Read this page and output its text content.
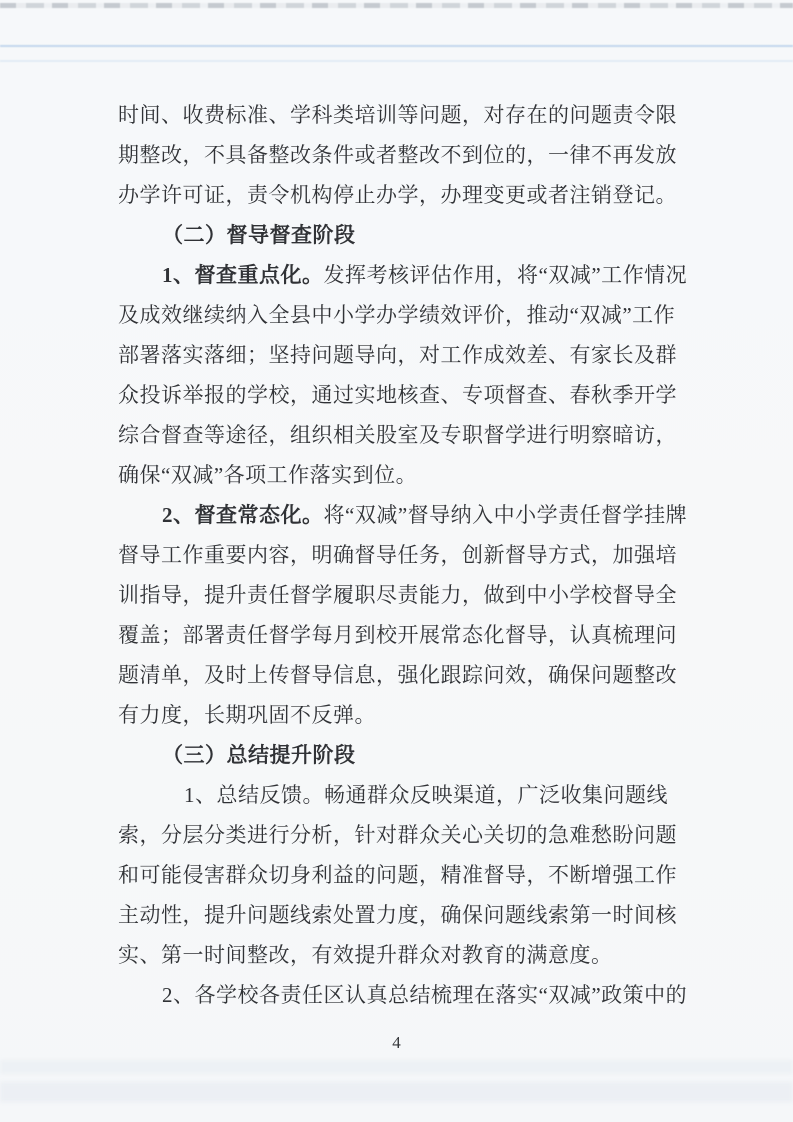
时间、收费标准、学科类培训等问题，对存在的问题责令限
期整改，不具备整改条件或者整改不到位的，一律不再发放
办学许可证，责令机构停止办学，办理变更或者注销登记。
（二）督导督查阶段
1、督查重点化。发挥考核评估作用，将“双减”工作情况
及成效继续纳入全县中小学办学绩效评价，推动“双减”工作
部署落实落细；坚持问题导向，对工作成效差、有家长及群
众投诉举报的学校，通过实地核查、专项督查、春秋季开学
综合督查等途径，组织相关股室及专职督学进行明察暗访，
确保“双减”各项工作落实到位。
2、督查常态化。将“双减”督导纳入中小学责任督学挂牌
督导工作重要内容，明确督导任务，创新督导方式，加强培
训指导，提升责任督学履职尽责能力，做到中小学校督导全
覆盖；部署责任督学每月到校开展常态化督导，认真梳理问
题清单，及时上传督导信息，强化跟踪问效，确保问题整改
有力度，长期巩固不反弹。
（三）总结提升阶段
1、总结反馈。畅通群众反映渠道，广泛收集问题线
索，分层分类进行分析，针对群众关心关切的急难愁盼问题
和可能侵害群众切身利益的问题，精准督导，不断增强工作
主动性，提升问题线索处置力度，确保问题线索第一时间核
实、第一时间整改，有效提升群众对教育的满意度。
2、各学校各责任区认真总结梳理在落实“双减”政策中的
4
